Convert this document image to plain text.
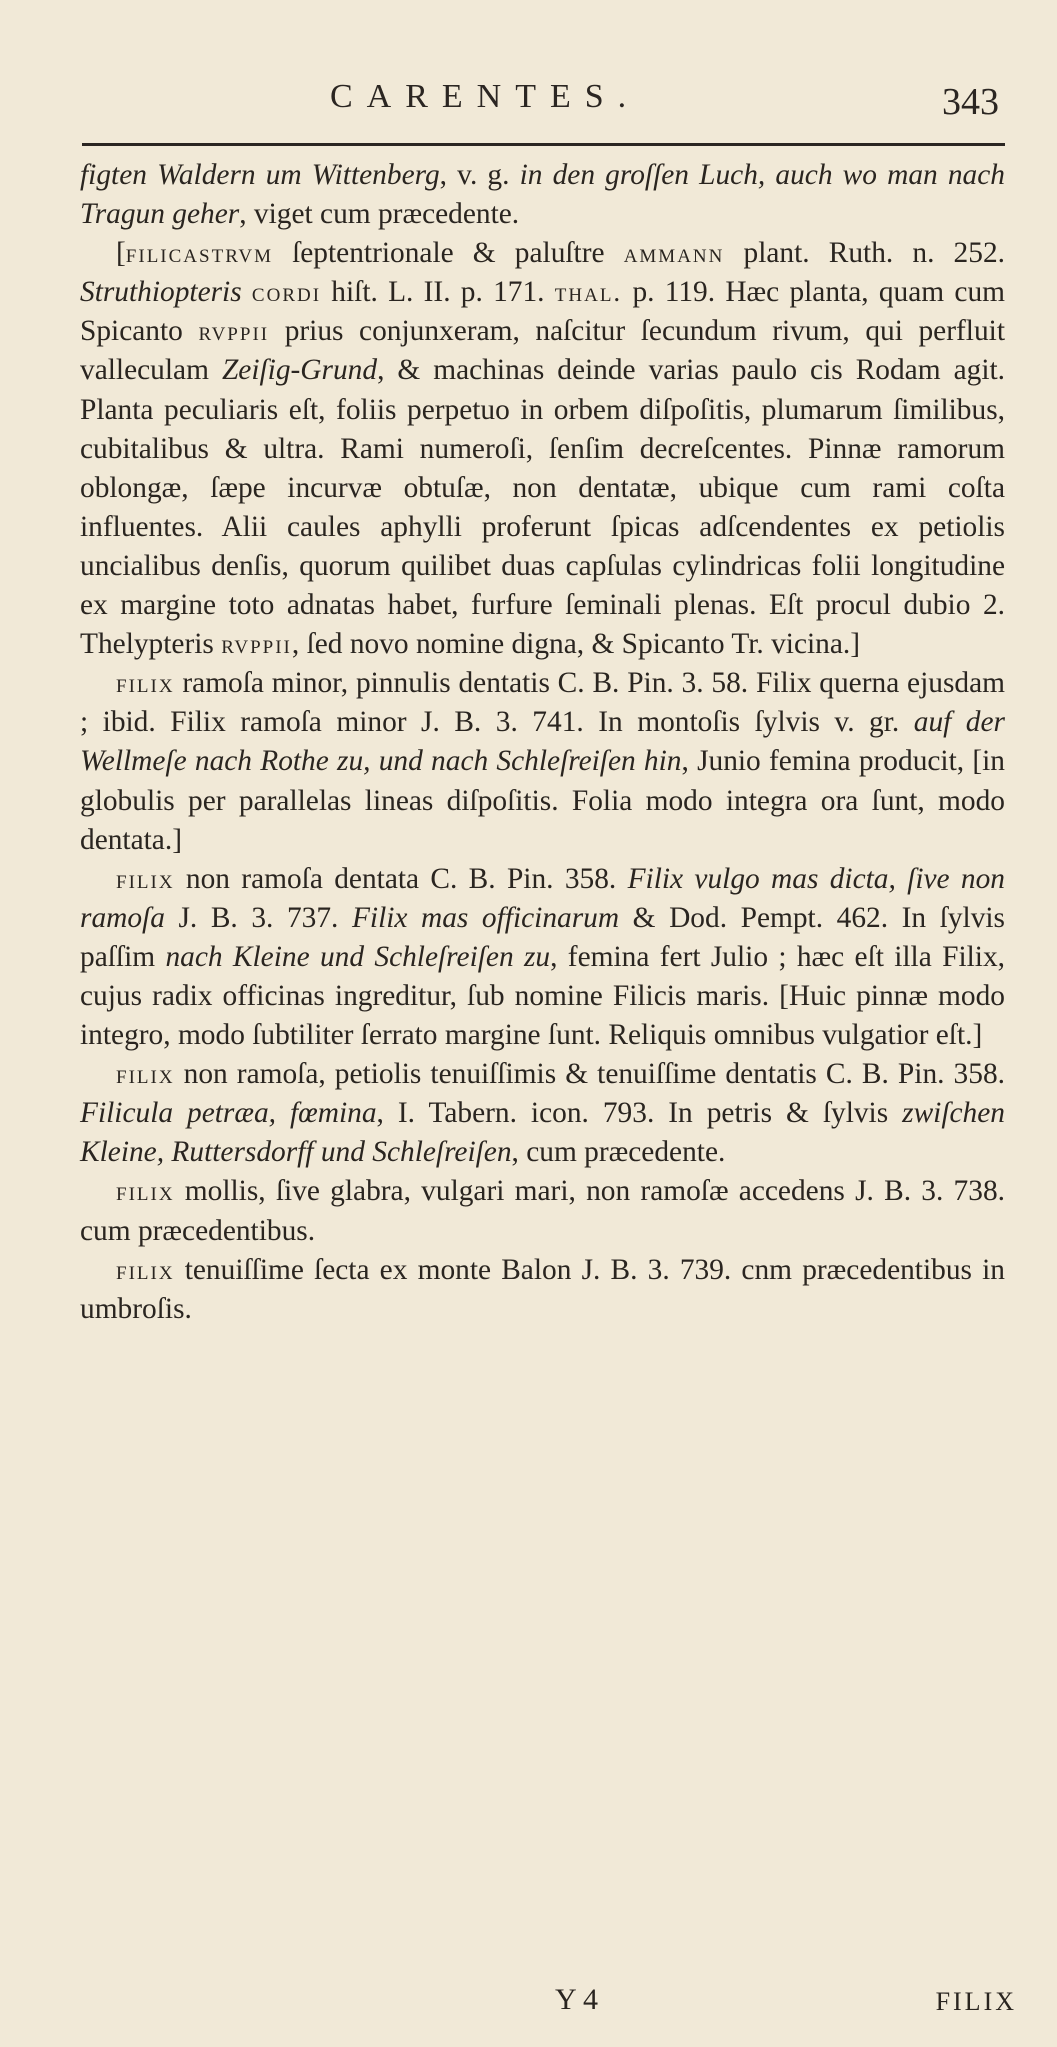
CARENTES.	343

figten Waldern um Wittenberg, v. g. in den groſſen Luch, auch wo man nach Tragun geher, viget cum præcedente.

[filicastrvm ſeptentrionale & paluſtre ammann plant. Ruth. n. 252. Struthiopteris cordi hiſt. L. II. p. 171. thal. p. 119. Hæc planta, quam cum Spicanto rvppii prius conjunxeram, naſcitur ſecundum rivum, qui perfluit valleculam Zeiſig-Grund, & machinas deinde varias paulo cis Rodam agit. Planta peculiaris eſt, foliis perpetuo in orbem diſpoſitis, plumarum ſimilibus, cubitalibus & ultra. Rami numeroſi, ſenſim decreſcentes. Pinnæ ramorum oblongæ, ſæpe incurvæ obtuſæ, non dentatæ, ubique cum rami coſta influentes. Alii caules aphylli proferunt ſpicas adſcendentes ex petiolis uncialibus denſis, quorum quilibet duas capſulas cylindricas folii longitudine ex margine toto adnatas habet, furfure ſeminali plenas. Eſt procul dubio 2. Thelypteris rvppii, ſed novo nomine digna, & Spicanto Tr. vicina.]

filix ramoſa minor, pinnulis dentatis C. B. Pin. 3. 58. Filix querna ejusdam ; ibid. Filix ramoſa minor J. B. 3. 741. In montoſis ſylvis v. gr. auf der Wellmeſe nach Rothe zu, und nach Schleſreiſen hin, Junio femina producit, [in globulis per parallelas lineas diſpoſitis. Folia modo integra ora ſunt, modo dentata.]

filix non ramoſa dentata C. B. Pin. 358. Filix vulgo mas dicta, ſive non ramoſa J. B. 3. 737. Filix mas officinarum & Dod. Pempt. 462. In ſylvis paſſim nach Kleine und Schleſreiſen zu, femina fert Julio ; hæc eſt illa Filix, cujus radix officinas ingreditur, ſub nomine Filicis maris. [Huic pinnæ modo integro, modo ſubtiliter ſerrato margine ſunt. Reliquis omnibus vulgatior eſt.]

filix non ramoſa, petiolis tenuiſſimis & tenuiſſime dentatis C. B. Pin. 358. Filicula petræa, fœmina, I. Tabern. icon. 793. In petris & ſylvis zwiſchen Kleine, Ruttersdorff und Schleſreiſen, cum præcedente.

filix mollis, ſive glabra, vulgari mari, non ramoſæ accedens J. B. 3. 738. cum præcedentibus.

filix tenuiſſime ſecta ex monte Balon J. B. 3. 739. cnm præcedentibus in umbroſis.

Y 4	FILIX
